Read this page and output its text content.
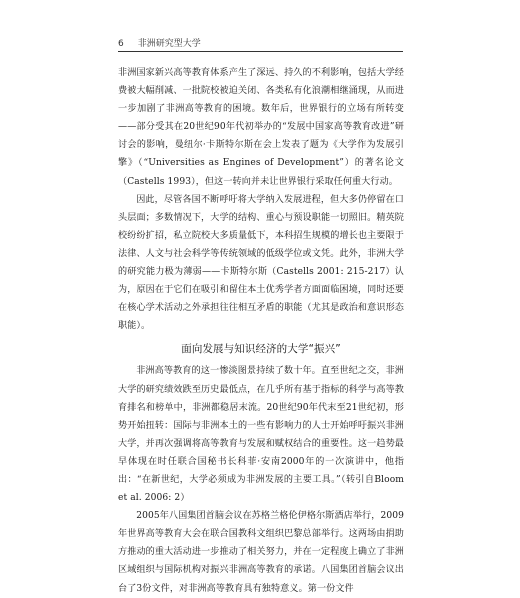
6 非洲研究型大学

非洲国家新兴高等教育体系产生了深远、持久的不利影响，包括大学经费被大幅削减、一批院校被迫关闭、各类私有化浪潮相继涌现，从而进一步加剧了非洲高等教育的困境。数年后，世界银行的立场有所转变——部分受其在20世纪90年代初举办的“发展中国家高等教育改进”研讨会的影响，曼纽尔·卡斯特尔斯在会上发表了题为《大学作为发展引擎》（“Universities as Engines of Development”）的著名论文（Castells 1993），但这一转向并未让世界银行采取任何重大行动。

因此，尽管各国不断呼吁将大学纳入发展进程，但大多仍停留在口头层面；多数情况下，大学的结构、重心与预设职能一切照旧。精英院校纷纷扩招，私立院校大多质量低下，本科招生规模的增长也主要限于法律、人文与社会科学等传统领域的低级学位或文凭。此外，非洲大学的研究能力极为薄弱——卡斯特尔斯（Castells 2001: 215-217）认为，原因在于它们在吸引和留住本土优秀学者方面面临困境，同时还要在核心学术活动之外承担往往相互矛盾的职能（尤其是政治和意识形态职能）。

面向发展与知识经济的大学“振兴”

非洲高等教育的这一惨淡图景持续了数十年。直至世纪之交，非洲大学的研究绩效跌至历史最低点，在几乎所有基于指标的科学与高等教育排名和榜单中，非洲都稳居末流。20世纪90年代末至21世纪初，形势开始扭转：国际与非洲本土的一些有影响力的人士开始呼吁振兴非洲大学，并再次强调将高等教育与发展和赋权结合的重要性。这一趋势最早体现在时任联合国秘书长科菲·安南2000年的一次演讲中，他指出：“在新世纪，大学必须成为非洲发展的主要工具。”（转引自Bloom et al. 2006: 2）

2005年八国集团首脑会议在苏格兰格伦伊格尔斯酒店举行，2009年世界高等教育大会在联合国教科文组织巴黎总部举行。这两场由捐助方推动的重大活动进一步推动了相关努力，并在一定程度上确立了非洲区域组织与国际机构对振兴非洲高等教育的承诺。八国集团首脑会议出台了3份文件，对非洲高等教育具有独特意义。第一份文件
